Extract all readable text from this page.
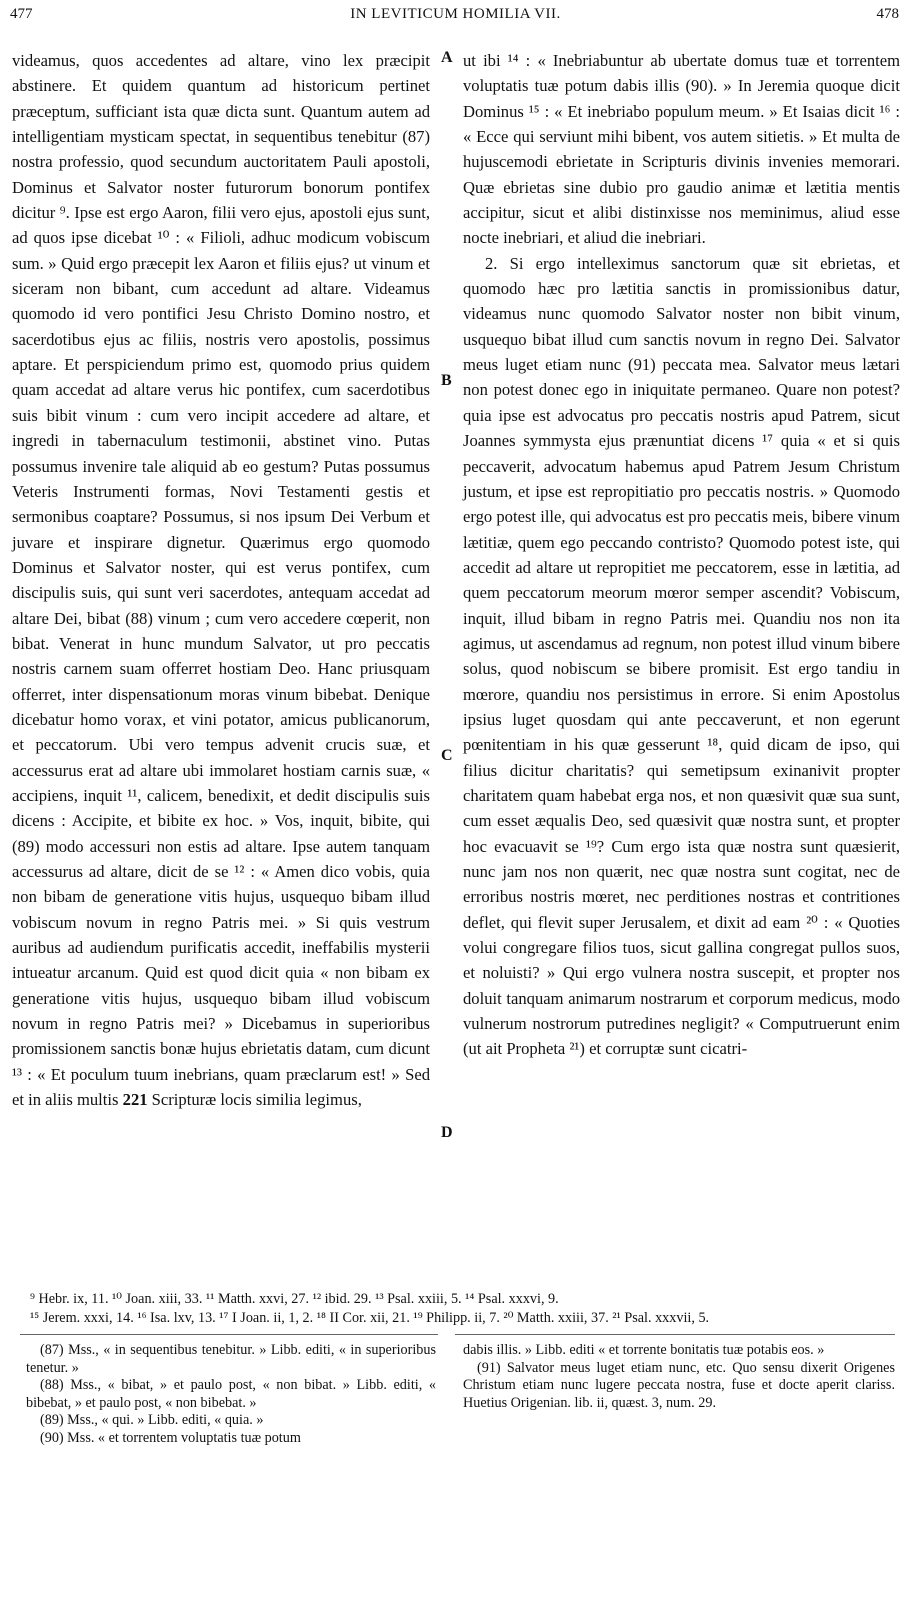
477	IN LEVITICUM HOMILIA VII.	478

videamus, quos accedentes ad altare, vino lex præcipit abstinere. Et quidem quantum ad historicum pertinet præceptum, sufficiant ista quæ dicta sunt. Quantum autem ad intelligentiam mysticam spectat, in sequentibus tenebitur (87) nostra professio, quod secundum auctoritatem Pauli apostoli, Dominus et Salvator noster futurorum bonorum pontifex dicitur ⁹. Ipse est ergo Aaron, filii vero ejus, apostoli ejus sunt, ad quos ipse dicebat ¹⁰ : « Filioli, adhuc modicum vobiscum sum. » Quid ergo præcepit lex Aaron et filiis ejus? ut vinum et siceram non bibant, cum accedunt ad altare. Videamus quomodo id vero pontifici Jesu Christo Domino nostro, et sacerdotibus ejus ac filiis, nostris vero apostolis, possimus aptare. Et perspiciendum primo est, quomodo prius quidem quam accedat ad altare verus hic pontifex, cum sacerdotibus suis bibit vinum : cum vero incipit accedere ad altare, et ingredi in tabernaculum testimonii, abstinet vino. Putas possumus invenire tale aliquid ab eo gestum? Putas possumus Veteris Instrumenti formas, Novi Testamenti gestis et sermonibus coaptare? Possumus, si nos ipsum Dei Verbum et juvare et inspirare dignetur. Quærimus ergo quomodo Dominus et Salvator noster, qui est verus pontifex, cum discipulis suis, qui sunt veri sacerdotes, antequam accedat ad altare Dei, bibat (88) vinum ; cum vero accedere cœperit, non bibat. Venerat in hunc mundum Salvator, ut pro peccatis nostris carnem suam offerret hostiam Deo. Hanc priusquam offerret, inter dispensationum moras vinum bibebat. Denique dicebatur homo vorax, et vini potator, amicus publicanorum, et peccatorum. Ubi vero tempus advenit crucis suæ, et accessurus erat ad altare ubi immolaret hostiam carnis suæ, « accipiens, inquit ¹¹, calicem, benedixit, et dedit discipulis suis dicens : Accipite, et bibite ex hoc. » Vos, inquit, bibite, qui (89) modo accessuri non estis ad altare. Ipse autem tanquam accessurus ad altare, dicit de se ¹² : « Amen dico vobis, quia non bibam de generatione vitis hujus, usquequo bibam illud vobiscum novum in regno Patris mei. » Si quis vestrum auribus ad audiendum purificatis accedit, ineffabilis mysterii intueatur arcanum. Quid est quod dicit quia « non bibam ex generatione vitis hujus, usquequo bibam illud vobiscum novum in regno Patris mei? » Dicebamus in superioribus promissionem sanctis bonæ hujus ebrietatis datam, cum dicunt ¹³ : « Et poculum tuum inebrians, quam præclarum est! » Sed et in aliis multis 221 Scripturæ locis similia legimus,

A
B
C
D

ut ibi ¹⁴ : « Inebriabuntur ab ubertate domus tuæ et torrentem voluptatis tuæ potum dabis illis (90). » In Jeremia quoque dicit Dominus ¹⁵ : « Et inebriabo populum meum. » Et Isaias dicit ¹⁶ : « Ecce qui serviunt mihi bibent, vos autem sitietis. » Et multa de hujuscemodi ebrietate in Scripturis divinis invenies memorari. Quæ ebrietas sine dubio pro gaudio animæ et lætitia mentis accipitur, sicut et alibi distinxisse nos meminimus, aliud esse nocte inebriari, et aliud die inebriari.

2. Si ergo intelleximus sanctorum quæ sit ebrietas, et quomodo hæc pro lætitia sanctis in promissionibus datur, videamus nunc quomodo Salvator noster non bibit vinum, usquequo bibat illud cum sanctis novum in regno Dei. Salvator meus luget etiam nunc (91) peccata mea. Salvator meus lætari non potest donec ego in iniquitate permaneo. Quare non potest? quia ipse est advocatus pro peccatis nostris apud Patrem, sicut Joannes symmysta ejus prænuntiat dicens ¹⁷ quia « et si quis peccaverit, advocatum habemus apud Patrem Jesum Christum justum, et ipse est repropitiatio pro peccatis nostris. » Quomodo ergo potest ille, qui advocatus est pro peccatis meis, bibere vinum lætitiæ, quem ego peccando contristo? Quomodo potest iste, qui accedit ad altare ut repropitiet me peccatorem, esse in lætitia, ad quem peccatorum meorum mœror semper ascendit? Vobiscum, inquit, illud bibam in regno Patris mei. Quandiu nos non ita agimus, ut ascendamus ad regnum, non potest illud vinum bibere solus, quod nobiscum se bibere promisit. Est ergo tandiu in mœrore, quandiu nos persistimus in errore. Si enim Apostolus ipsius luget quosdam qui ante peccaverunt, et non egerunt pœnitentiam in his quæ gesserunt ¹⁸, quid dicam de ipso, qui filius dicitur charitatis? qui semetipsum exinanivit propter charitatem quam habebat erga nos, et non quæsivit quæ sua sunt, cum esset æqualis Deo, sed quæsivit quæ nostra sunt, et propter hoc evacuavit se ¹⁹? Cum ergo ista quæ nostra sunt quæsierit, nunc jam nos non quærit, nec quæ nostra sunt cogitat, nec de erroribus nostris mœret, nec perditiones nostras et contritiones deflet, qui flevit super Jerusalem, et dixit ad eam ²⁰ : « Quoties volui congregare filios tuos, sicut gallina congregat pullos suos, et noluisti? » Qui ergo vulnera nostra suscepit, et propter nos doluit tanquam animarum nostrarum et corporum medicus, modo vulnerum nostrorum putredines negligit? « Computruerunt enim (ut ait Propheta ²¹) et corruptæ sunt cicatri-

⁹ Hebr. ix, 11. ¹⁰ Joan. xiii, 33. ¹¹ Matth. xxvi, 27. ¹² ibid. 29. ¹³ Psal. xxiii, 5. ¹⁴ Psal. xxxvi, 9.
¹⁵ Jerem. xxxi, 14. ¹⁶ Isa. lxv, 13. ¹⁷ I Joan. ii, 1, 2. ¹⁸ II Cor. xii, 21. ¹⁹ Philipp. ii, 7. ²⁰ Matth. xxiii, 37. ²¹ Psal. xxxvii, 5.

(87) Mss., « in sequentibus tenebitur. » Libb. editi, « in superioribus tenetur. »

(88) Mss., « bibat, » et paulo post, « non bibat. » Libb. editi, « bibebat, » et paulo post, « non bibebat. »

(89) Mss., « qui. » Libb. editi, « quia. »

(90) Mss. « et torrentem voluptatis tuæ potum

dabis illis. » Libb. editi « et torrente bonitatis tuæ potabis eos. »

(91) Salvator meus luget etiam nunc, etc. Quo sensu dixerit Origenes Christum etiam nunc lugere peccata nostra, fuse et docte aperit clariss. Huetius Origenian. lib. ii, quæst. 3, num. 29.
